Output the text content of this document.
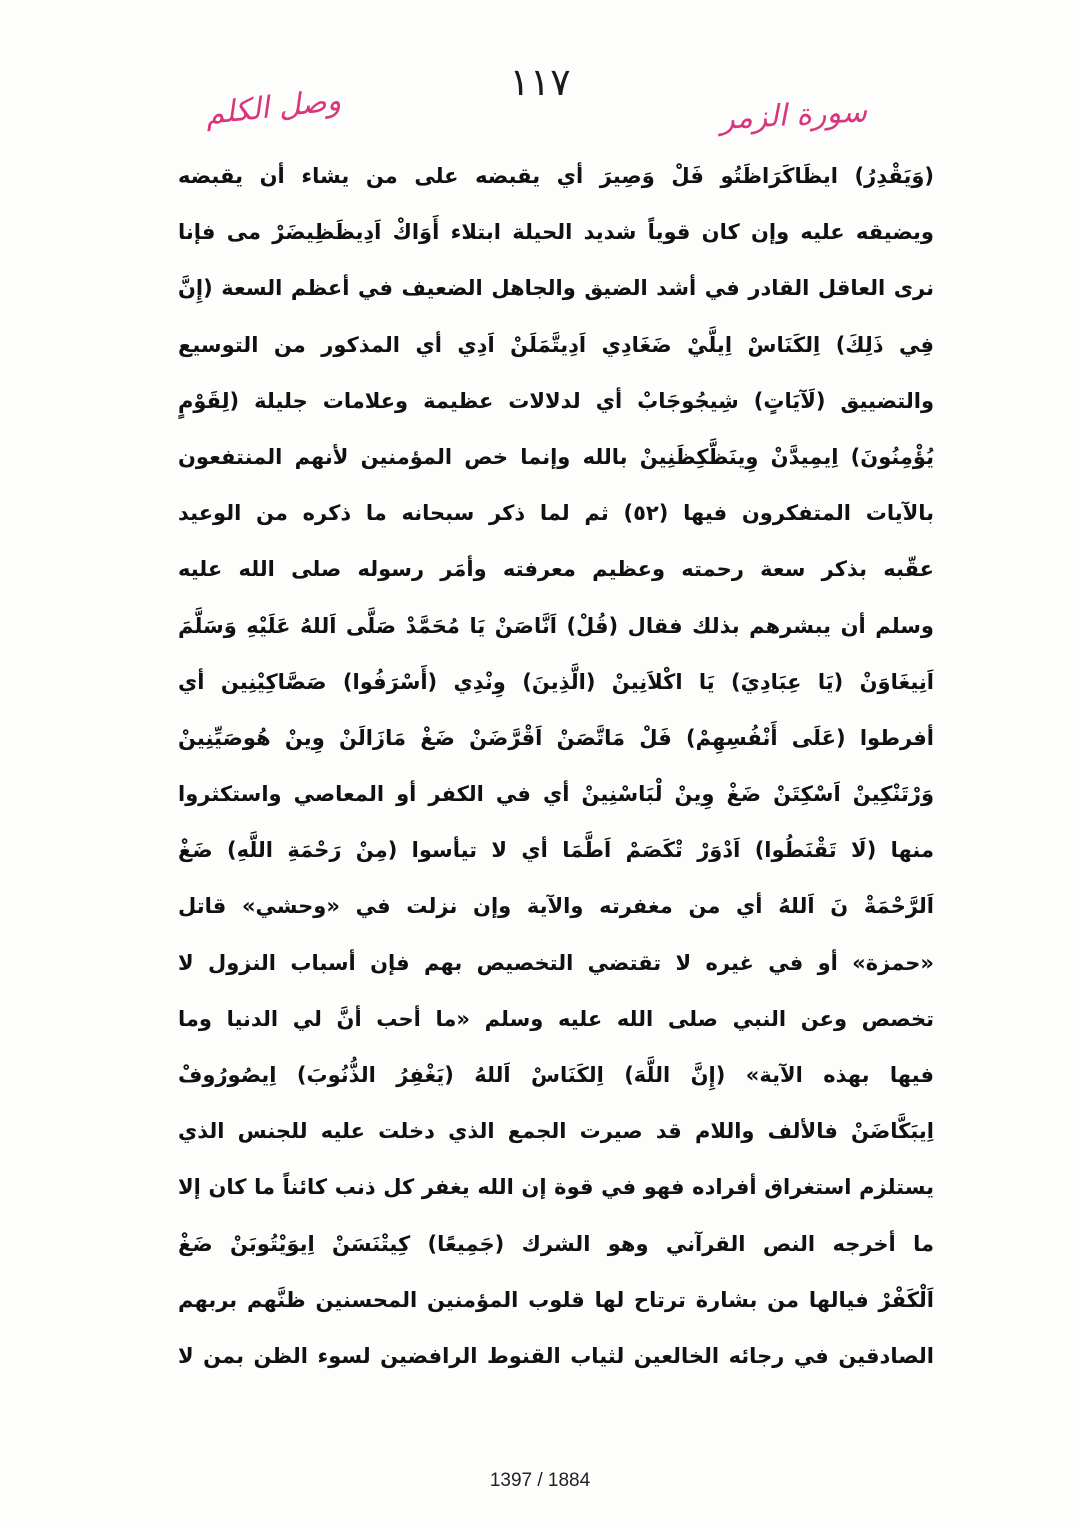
وصل الكلم
١١٧
سورة الزمر
(وَيَقْدِرُ) ايظَاكَرَاظَتُو فَلْ وَصِيرَ أي يقبضه على من يشاء أن يقبضه
ويضيقه عليه وإن كان قوياً شديد الحيلة ابتلاء أَوَاكْ اَدِيظَظِيضَرْ مى فإنا
نرى العاقل القادر في أشد الضيق والجاهل الضعيف في أعظم السعة (إِنَّ
فِي ذَلِكَ) اِلكَنَاسْ اِيلَّيْ ضَغَادِي اَدِيتَّمَلَنْ اَدِي أي المذكور من التوسيع
والتضييق (لَآيَاتٍ) شِيجُوجَابْ أي لدلالات عظيمة وعلامات جليلة (لِقَوْمٍ
يُؤْمِنُونَ) اِيمِيدَّنْ وِينَظَّكِظَنِينْ بالله وإنما خص المؤمنين لأنهم المنتفعون
بالآيات المتفكرون فيها (٥٢) ثم لما ذكر سبحانه ما ذكره من الوعيد
عقّبه بذكر سعة رحمته وعظيم معرفته وأمَر رسوله صلى الله عليه
وسلم أن يبشرهم بذلك فقال (قُلْ) اَنَّاصَنْ يَا مُحَمَّدْ صَلَّى اَللهُ عَلَيْهِ وَسَلَّمَ
اَنِيغَاوَنْ (يَا عِبَادِيَ) يَا اكْلاَنِينْ (الَّذِينَ) وِنْدِي (أَسْرَفُوا) صَصَّاكِيْنِين أي
أفرطوا (عَلَى أَنْفُسِهِمْ) فَلْ مَاتَّصَنْ اَقْرَّضَنْ ضَغْ مَازَالَنْ وِينْ هُوصَيِّنِينْ
وَرْتَنْكِينْ اَسْكِتَنْ ضَغْ وِينْ لْبَاسْنِينْ أي في الكفر أو المعاصي واستكثروا
منها (لَا تَقْنَطُوا) اَدْوَرْ تْكَصَمْ اَطَّمَا أي لا تيأسوا (مِنْ رَحْمَةِ اللَّهِ) ضَغْ
اَلرَّحْمَةْ نَ اَللهُ أي من مغفرته والآية وإن نزلت في «وحشي» قاتل
«حمزة» أو في غيره لا تقتضي التخصيص بهم فإن أسباب النزول لا
تخصص وعن النبي صلى الله عليه وسلم «ما أحب أنَّ لي الدنيا وما
فيها بهذه الآية» (إِنَّ اللَّهَ) اِلكَنَاسْ اَللهُ (يَغْفِرُ الذُّنُوبَ) اِيصُورُوفْ
اِيبَكَّاضَنْ فالألف واللام قد صيرت الجمع الذي دخلت عليه للجنس الذي
يستلزم استغراق أفراده فهو في قوة إن الله يغفر كل ذنب كائناً ما كان إلا
ما أخرجه النص القرآني وهو الشرك (جَمِيعًا) كِيتْنَسَنْ اِيوَيْتُوبَنْ ضَغْ
اَلْكَفْرْ فيالها من بشارة ترتاح لها قلوب المؤمنين المحسنين ظنَّهم بربهم
الصادقين في رجائه الخالعين لثياب القنوط الرافضين لسوء الظن بمن لا
1397 / 1884
